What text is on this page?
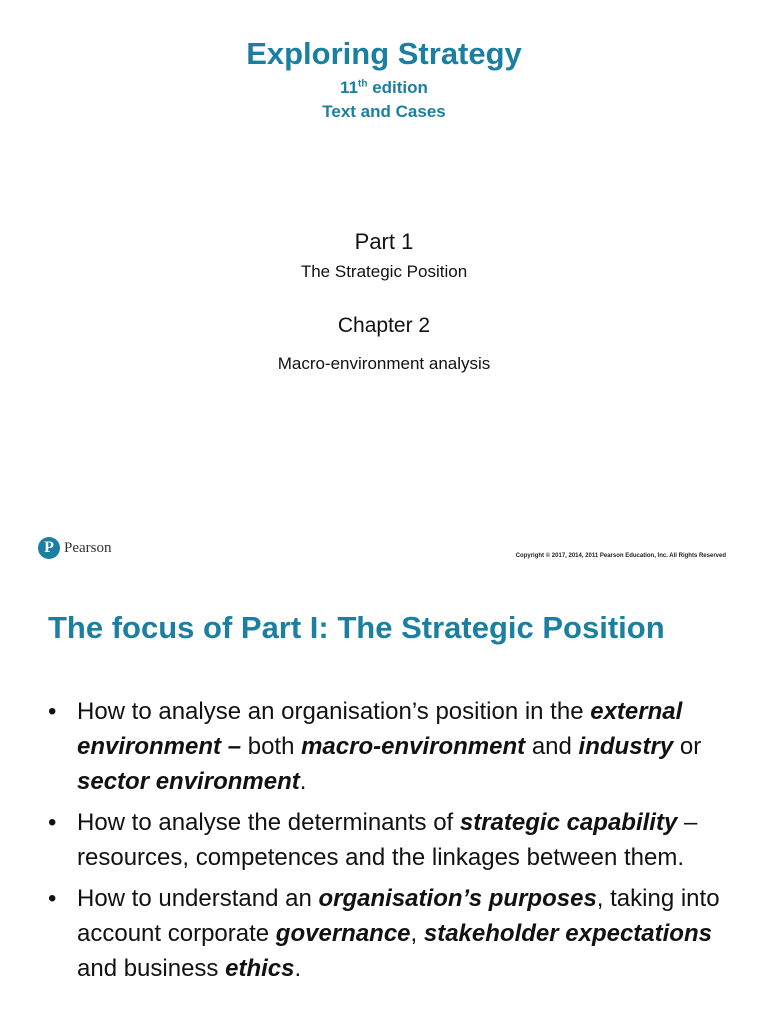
Exploring Strategy
11th edition
Text and Cases
Part 1
The Strategic Position
Chapter 2
Macro-environment analysis
P Pearson
Copyright © 2017, 2014, 2011 Pearson Education, Inc. All Rights Reserved
The focus of Part I: The Strategic Position
• How to analyse an organisation’s position in the external environment – both macro-environment and industry or sector environment.
• How to analyse the determinants of strategic capability – resources, competences and the linkages between them.
• How to understand an organisation’s purposes, taking into account corporate governance, stakeholder expectations and business ethics.
